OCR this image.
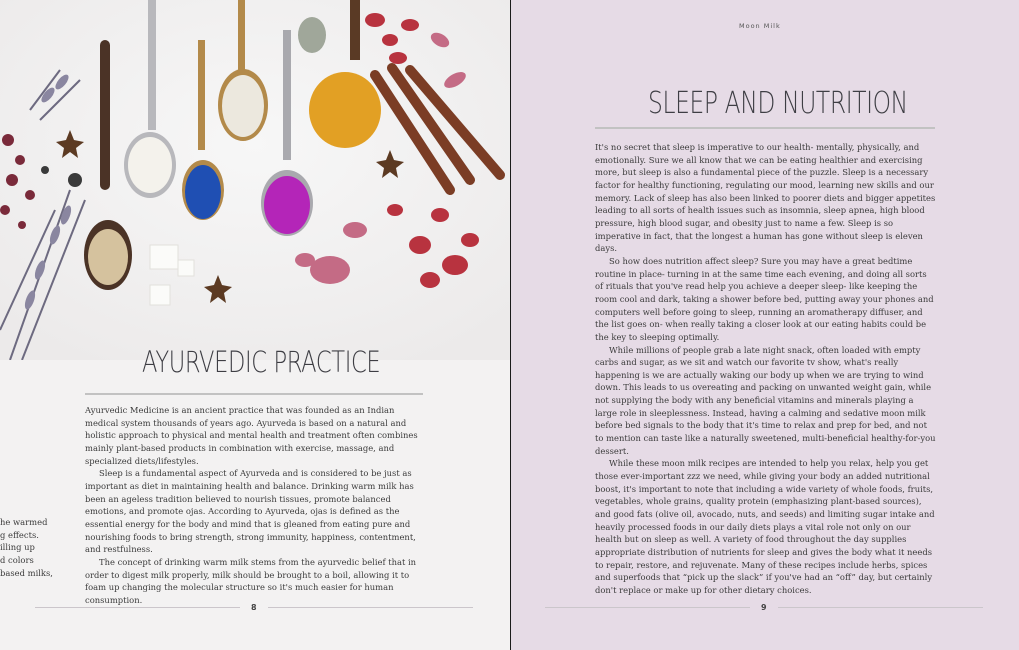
AYURVEDIC PRACTICE

Ayurvedic Medicine is an ancient practice that was founded as an Indian medical system thousands of years ago. Ayurveda is based on a natural and holistic approach to physical and mental health and treatment often combines mainly plant-based products in combination with exercise, massage, and specialized diets/lifestyles.

Sleep is a fundamental aspect of Ayurveda and is considered to be just as important as diet in maintaining health and balance. Drinking warm milk has been an ageless tradition believed to nourish tissues, promote balanced emotions, and promote ojas. According to Ayurveda, ojas is defined as the essential energy for the body and mind that is gleaned from eating pure and nourishing foods to bring strength, strong immunity, happiness, contentment, and restfulness.

The concept of drinking warm milk stems from the ayurvedic belief that in order to digest milk properly, milk should be brought to a boil, allowing it to foam up changing the molecular structure so it's much easier for human consumption.

he warmed
g effects.
illing up
d colors
based milks,
8
Moon Milk
SLEEP AND NUTRITION

It's no secret that sleep is imperative to our health- mentally, physically, and emotionally. Sure we all know that we can be eating healthier and exercising more, but sleep is also a fundamental piece of the puzzle. Sleep is a necessary factor for healthy functioning, regulating our mood, learning new skills and our memory. Lack of sleep has also been linked to poorer diets and bigger appetites leading to all sorts of health issues such as insomnia, sleep apnea, high blood pressure, high blood sugar, and obesity just to name a few. Sleep is so imperative in fact, that the longest a human has gone without sleep is eleven days.

So how does nutrition affect sleep? Sure you may have a great bedtime routine in place- turning in at the same time each evening, and doing all sorts of rituals that you've read help you achieve a deeper sleep- like keeping the room cool and dark, taking a shower before bed, putting away your phones and computers well before going to sleep, running an aromatherapy diffuser, and the list goes on- when really taking a closer look at our eating habits could be the key to sleeping optimally.

While millions of people grab a late night snack, often loaded with empty carbs and sugar, as we sit and watch our favorite tv show, what's really happening is we are actually waking our body up when we are trying to wind down. This leads to us overeating and packing on unwanted weight gain, while not supplying the body with any beneficial vitamins and minerals playing a large role in sleeplessness. Instead, having a calming and sedative moon milk before bed signals to the body that it's time to relax and prep for bed, and not to mention can taste like a naturally sweetened, multi-beneficial healthy-for-you dessert.

While these moon milk recipes are intended to help you relax, help you get those ever-important zzz we need, while giving your body an added nutritional boost, it's important to note that including a wide variety of whole foods, fruits, vegetables, whole grains, quality protein (emphasizing plant-based sources), and good fats (olive oil, avocado, nuts, and seeds) and limiting sugar intake and heavily processed foods in our daily diets plays a vital role not only on our health but on sleep as well. A variety of food throughout the day supplies appropriate distribution of nutrients for sleep and gives the body what it needs to repair, restore, and rejuvenate. Many of these recipes include herbs, spices and superfoods that “pick up the slack” if you've had an “off” day, but certainly don't replace or make up for other dietary choices.

9
